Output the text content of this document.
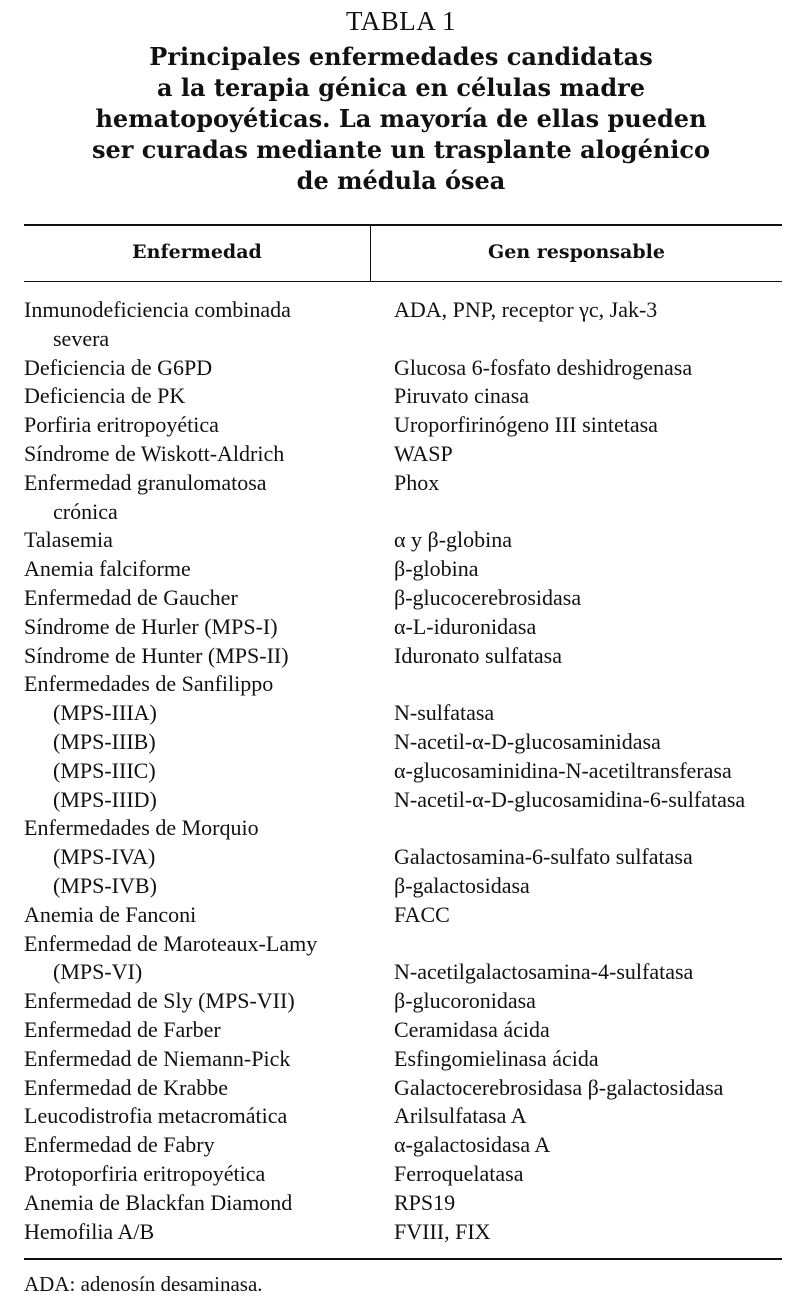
TABLA 1
Principales enfermedades candidatas
a la terapia génica en células madre
hematopoyéticas. La mayoría de ellas pueden
ser curadas mediante un trasplante alogénico
de médula ósea
Enfermedad	Gen responsable
Inmunodeficiencia combinada	ADA, PNP, receptor γc, Jak-3
severa
Deficiencia de G6PD	Glucosa 6-fosfato deshidrogenasa
Deficiencia de PK	Piruvato cinasa
Porfiria eritropoyética	Uroporfirinógeno III sintetasa
Síndrome de Wiskott-Aldrich	WASP
Enfermedad granulomatosa	Phox
crónica
Talasemia	α y β-globina
Anemia falciforme	β-globina
Enfermedad de Gaucher	β-glucocerebrosidasa
Síndrome de Hurler (MPS-I)	α-L-iduronidasa
Síndrome de Hunter (MPS-II)	Iduronato sulfatasa
Enfermedades de Sanfilippo
(MPS-IIIA)	N-sulfatasa
(MPS-IIIB)	N-acetil-α-D-glucosaminidasa
(MPS-IIIC)	α-glucosaminidina-N-acetiltransferasa
(MPS-IIID)	N-acetil-α-D-glucosamidina-6-sulfatasa
Enfermedades de Morquio
(MPS-IVA)	Galactosamina-6-sulfato sulfatasa
(MPS-IVB)	β-galactosidasa
Anemia de Fanconi	FACC
Enfermedad de Maroteaux-Lamy
(MPS-VI)	N-acetilgalactosamina-4-sulfatasa
Enfermedad de Sly (MPS-VII)	β-glucoronidasa
Enfermedad de Farber	Ceramidasa ácida
Enfermedad de Niemann-Pick	Esfingomielinasa ácida
Enfermedad de Krabbe	Galactocerebrosidasa β-galactosidasa
Leucodistrofia metacromática	Arilsulfatasa A
Enfermedad de Fabry	α-galactosidasa A
Protoporfiria eritropoyética	Ferroquelatasa
Anemia de Blackfan Diamond	RPS19
Hemofilia A/B	FVIII, FIX
ADA: adenosín desaminasa.
